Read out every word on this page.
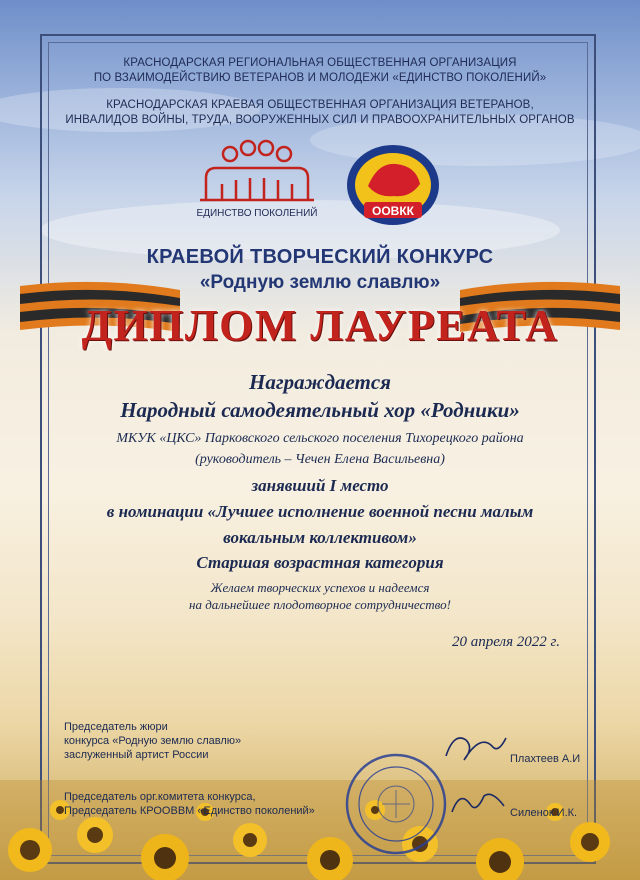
КРАСНОДАРСКАЯ РЕГИОНАЛЬНАЯ ОБЩЕСТВЕННАЯ ОРГАНИЗАЦИЯ
ПО ВЗАИМОДЕЙСТВИЮ ВЕТЕРАНОВ И МОЛОДЕЖИ «ЕДИНСТВО ПОКОЛЕНИЙ»
КРАСНОДАРСКАЯ КРАЕВАЯ ОБЩЕСТВЕННАЯ ОРГАНИЗАЦИЯ ВЕТЕРАНОВ,
ИНВАЛИДОВ ВОЙНЫ, ТРУДА, ВООРУЖЕННЫХ СИЛ И ПРАВООХРАНИТЕЛЬНЫХ ОРГАНОВ
ЕДИНСТВО ПОКОЛЕНИЙ	ООВКК
КРАЕВОЙ ТВОРЧЕСКИЙ КОНКУРС
«Родную землю славлю»
ДИПЛОМ ЛАУРЕАТА
Награждается
Народный самодеятельный хор «Родники»
МКУК «ЦКС» Парковского сельского поселения Тихорецкого района
(руководитель – Чечен Елена Васильевна)
занявший I место
в номинации «Лучшее исполнение военной песни малым
вокальным коллективом»
Старшая возрастная категория
Желаем творческих успехов и надеемся
на дальнейшее плодотворное сотрудничество!
20 апреля 2022 г.
Председатель жюри
конкурса «Родную землю славлю»
заслуженный артист России	Плахтеев А.И
Председатель орг.комитета конкурса,
Председатель КРООВВМ «Единство поколений»	Силенок И.К.
